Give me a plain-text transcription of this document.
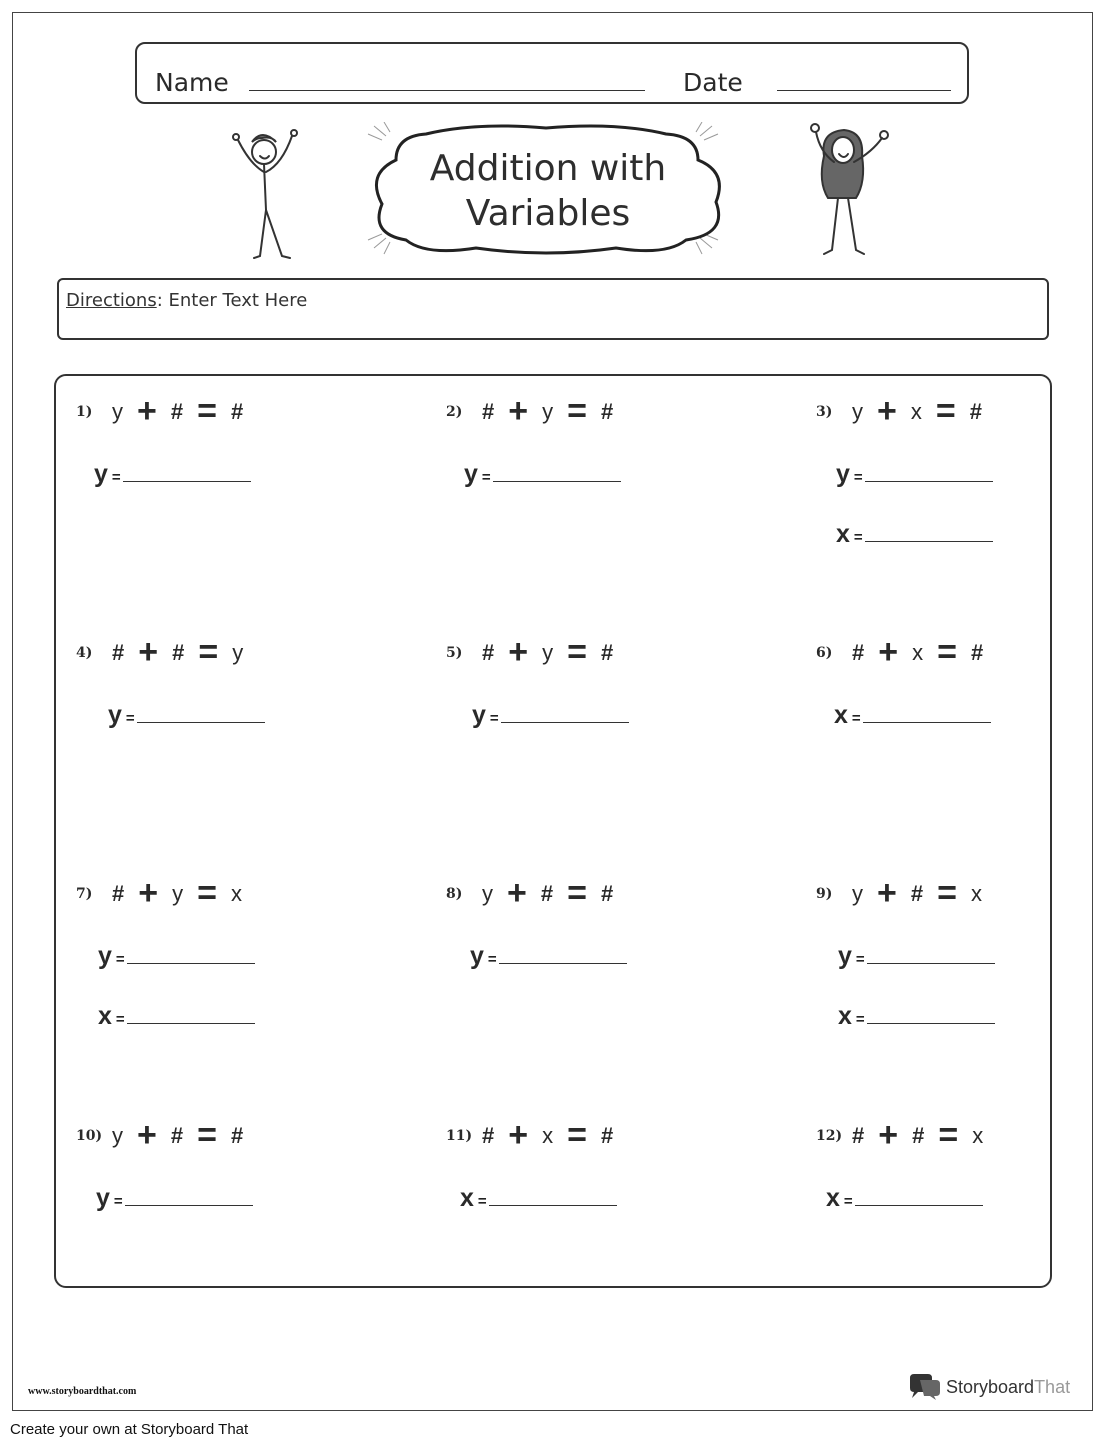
Name	Date
Addition with
Variables
Directions: Enter Text Here
1) y + # = #
y =
2) # + y = #
y =
3) y + x = #
y =
x =
4) # + # = y
y =
5) # + y = #
y =
6) # + x = #
x =
7) # + y = x
y =
x =
8) y + # = #
y =
9) y + # = x
y =
x =
10) y + # = #
y =
11) # + x = #
x =
12) # + # = x
x =
www.storyboardthat.com	StoryboardThat
Create your own at Storyboard That
